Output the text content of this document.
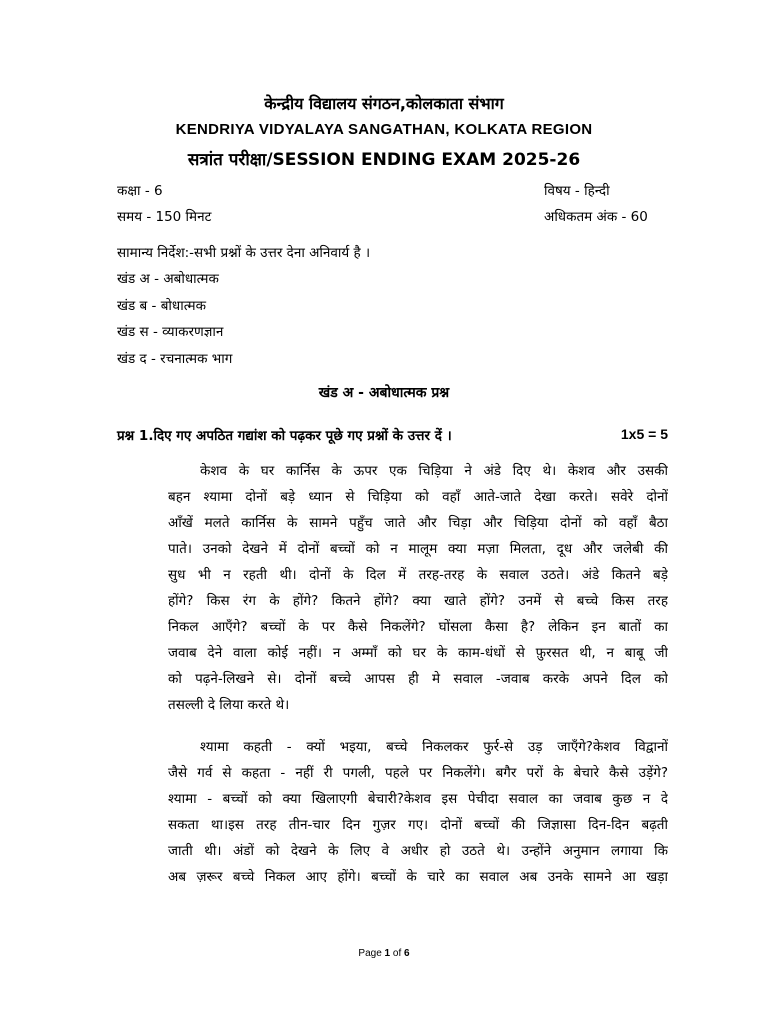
केन्द्रीय विद्यालय संगठन,कोलकाता संभाग
KENDRIYA VIDYALAYA SANGATHAN, KOLKATA REGION
सत्रांत परीक्षा/SESSION ENDING EXAM 2025-26
कक्षा - 6	विषय - हिन्दी
समय - 150 मिनट	अधिकतम अंक - 60
सामान्य निर्देश:-सभी प्रश्नों के उत्तर देना अनिवार्य है ।
खंड अ - अबोधात्मक
खंड ब - बोधात्मक
खंड स - व्याकरणज्ञान
खंड द - रचनात्मक भाग
खंड अ - अबोधात्मक प्रश्न
प्रश्न 1.दिए गए अपठित गद्यांश को पढ़कर पूछे गए प्रश्नों के उत्तर दें ।	1x5 = 5
केशव के घर कार्निस के ऊपर एक चिड़िया ने अंडे दिए थे। केशव और उसकी
बहन श्यामा दोनों बड़े ध्यान से चिड़िया को वहाँ आते-जाते देखा करते। सवेरे दोनों
आँखें मलते कार्निस के सामने पहुँच जाते और चिड़ा और चिड़िया दोनों को वहाँ बैठा
पाते। उनको देखने में दोनों बच्चों को न मालूम क्या मज़ा मिलता, दूध और जलेबी की
सुध भी न रहती थी। दोनों के दिल में तरह-तरह के सवाल उठते। अंडे कितने बड़े
होंगे? किस रंग के होंगे? कितने होंगे? क्या खाते होंगे? उनमें से बच्चे किस तरह
निकल आएँगे? बच्चों के पर कैसे निकलेंगे? घोंसला कैसा है? लेकिन इन बातों का
जवाब देने वाला कोई नहीं। न अम्माँ को घर के काम-धंधों से फ़ुरसत थी, न बाबू जी
को पढ़ने-लिखने से। दोनों बच्चे आपस ही मे सवाल -जवाब करके अपने दिल को
तसल्ली दे लिया करते थे।
श्यामा कहती - क्यों भइया, बच्चे निकलकर फुर्र-से उड़ जाएँगे?केशव विद्वानों
जैसे गर्व से कहता - नहीं री पगली, पहले पर निकलेंगे। बगैर परों के बेचारे कैसे उड़ेंगे?
श्यामा - बच्चों को क्या खिलाएगी बेचारी?केशव इस पेचीदा सवाल का जवाब कुछ न दे
सकता था।इस तरह तीन-चार दिन गुज़र गए। दोनों बच्चों की जिज्ञासा दिन-दिन बढ़ती
जाती थी। अंडों को देखने के लिए वे अधीर हो उठते थे। उन्होंने अनुमान लगाया कि
अब ज़रूर बच्चे निकल आए होंगे। बच्चों के चारे का सवाल अब उनके सामने आ खड़ा
Page 1 of 6
